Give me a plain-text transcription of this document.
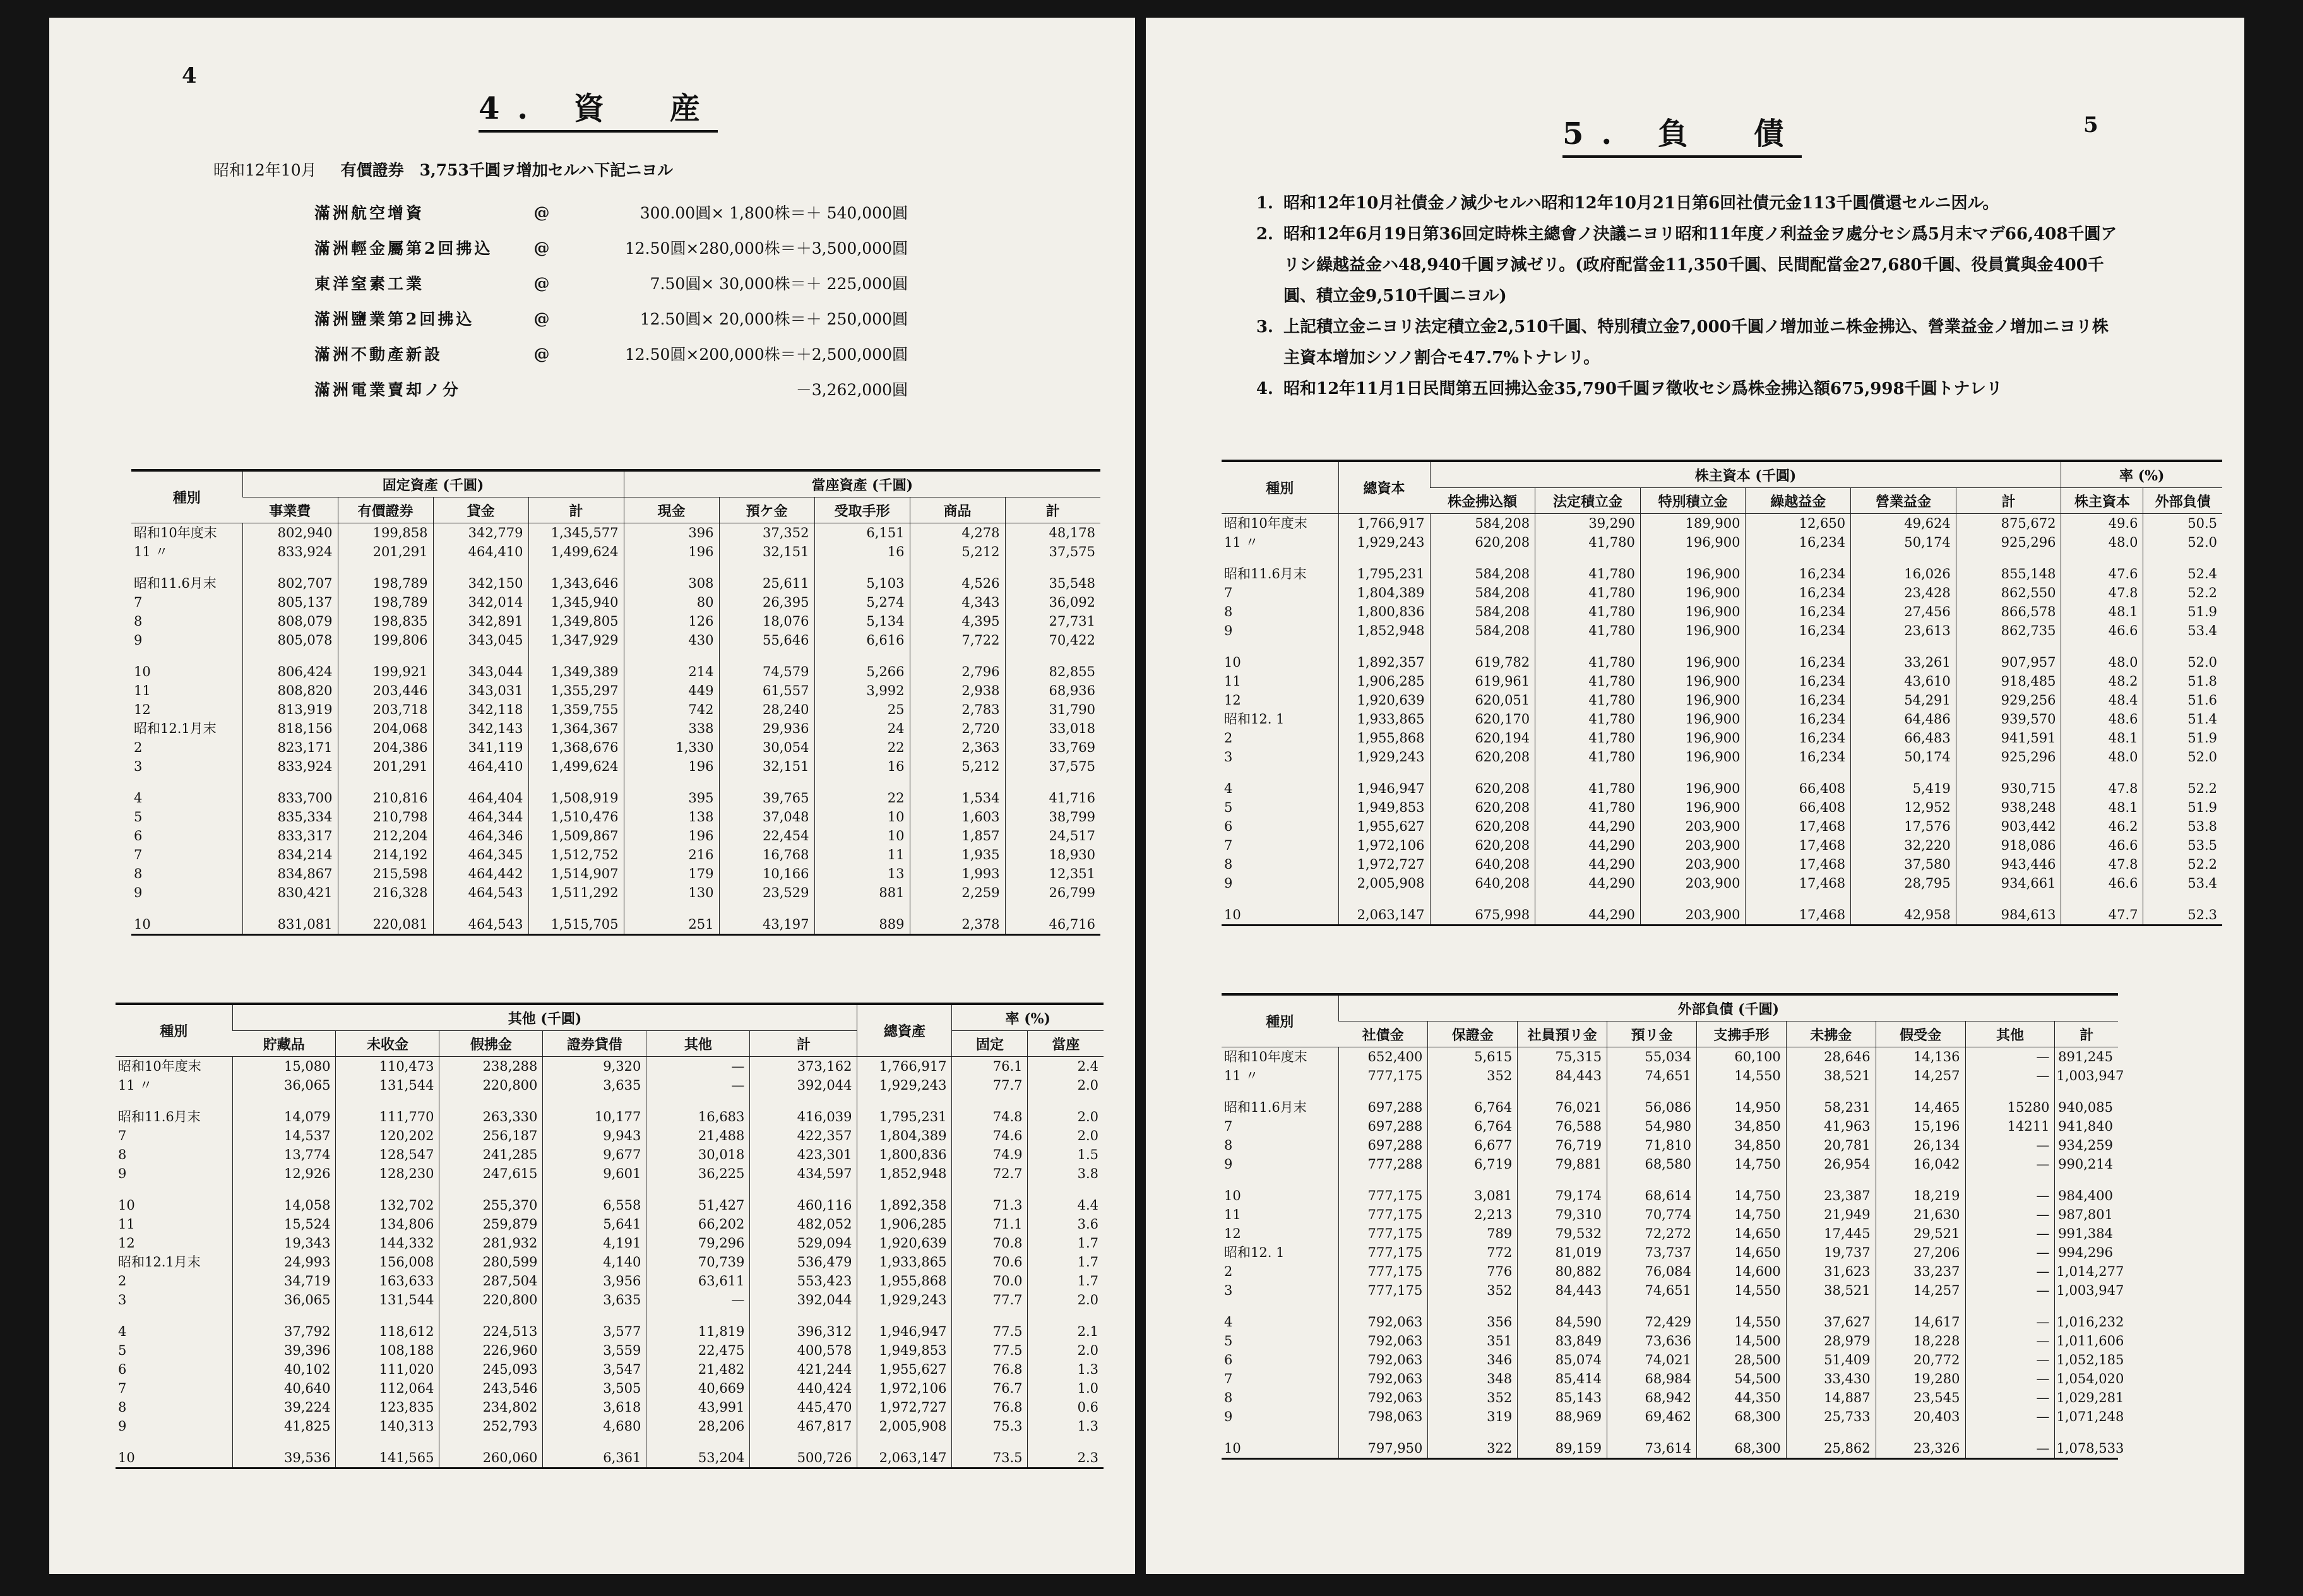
4
4. 資　産
昭和12年10月 有價證券　3,753千圓ヲ增加セルハ下記ニヨル
滿洲航空增資	@	300.00圓× 1,800株＝＋ 540,000圓
滿洲輕金屬第2回拂込	@	12.50圓×280,000株＝＋3,500,000圓
東洋窒素工業	@	7.50圓× 30,000株＝＋ 225,000圓
滿洲鹽業第2回拂込	@	12.50圓× 20,000株＝＋ 250,000圓
滿洲不動產新設	@	12.50圓×200,000株＝＋2,500,000圓
滿洲電業賣却ノ分	－3,262,000圓
種別	固定資產 (千圓)				當座資產 (千圓)				
	事業費	有價證券	貸金	計	現金	預ケ金	受取手形	商品	計
昭和10年度末	802,940	199,858	342,779	1,345,577	396	37,352	6,151	4,278	48,178
11 〃	833,924	201,291	464,410	1,499,624	196	32,151	16	5,212	37,575

昭和11.6月末	802,707	198,789	342,150	1,343,646	308	25,611	5,103	4,526	35,548
7	805,137	198,789	342,014	1,345,940	80	26,395	5,274	4,343	36,092
8	808,079	198,835	342,891	1,349,805	126	18,076	5,134	4,395	27,731
9	805,078	199,806	343,045	1,347,929	430	55,646	6,616	7,722	70,422

10	806,424	199,921	343,044	1,349,389	214	74,579	5,266	2,796	82,855
11	808,820	203,446	343,031	1,355,297	449	61,557	3,992	2,938	68,936
12	813,919	203,718	342,118	1,359,755	742	28,240	25	2,783	31,790
昭和12.1月末	818,156	204,068	342,143	1,364,367	338	29,936	24	2,720	33,018
2	823,171	204,386	341,119	1,368,676	1,330	30,054	22	2,363	33,769
3	833,924	201,291	464,410	1,499,624	196	32,151	16	5,212	37,575

4	833,700	210,816	464,404	1,508,919	395	39,765	22	1,534	41,716
5	835,334	210,798	464,344	1,510,476	138	37,048	10	1,603	38,799
6	833,317	212,204	464,346	1,509,867	196	22,454	10	1,857	24,517
7	834,214	214,192	464,345	1,512,752	216	16,768	11	1,935	18,930
8	834,867	215,598	464,442	1,514,907	179	10,166	13	1,993	12,351
9	830,421	216,328	464,543	1,511,292	130	23,529	881	2,259	26,799

10	831,081	220,081	464,543	1,515,705	251	43,197	889	2,378	46,716
種別	其他 (千圓)						總資產	率 (%)	
	貯藏品	未收金	假拂金	證券貸借	其他	計		固定	當座
昭和10年度末	15,080	110,473	238,288	9,320	—	373,162	1,766,917	76.1	2.4
11 〃	36,065	131,544	220,800	3,635	—	392,044	1,929,243	77.7	2.0

昭和11.6月末	14,079	111,770	263,330	10,177	16,683	416,039	1,795,231	74.8	2.0
7	14,537	120,202	256,187	9,943	21,488	422,357	1,804,389	74.6	2.0
8	13,774	128,547	241,285	9,677	30,018	423,301	1,800,836	74.9	1.5
9	12,926	128,230	247,615	9,601	36,225	434,597	1,852,948	72.7	3.8

10	14,058	132,702	255,370	6,558	51,427	460,116	1,892,358	71.3	4.4
11	15,524	134,806	259,879	5,641	66,202	482,052	1,906,285	71.1	3.6
12	19,343	144,332	281,932	4,191	79,296	529,094	1,920,639	70.8	1.7
昭和12.1月末	24,993	156,008	280,599	4,140	70,739	536,479	1,933,865	70.6	1.7
2	34,719	163,633	287,504	3,956	63,611	553,423	1,955,868	70.0	1.7
3	36,065	131,544	220,800	3,635	—	392,044	1,929,243	77.7	2.0

4	37,792	118,612	224,513	3,577	11,819	396,312	1,946,947	77.5	2.1
5	39,396	108,188	226,960	3,559	22,475	400,578	1,949,853	77.5	2.0
6	40,102	111,020	245,093	3,547	21,482	421,244	1,955,627	76.8	1.3
7	40,640	112,064	243,546	3,505	40,669	440,424	1,972,106	76.7	1.0
8	39,224	123,835	234,802	3,618	43,991	445,470	1,972,727	76.8	0.6
9	41,825	140,313	252,793	4,680	28,206	467,817	2,005,908	75.3	1.3

10	39,536	141,565	260,060	6,361	53,204	500,726	2,063,147	73.5	2.3
5. 負　債	5
1. 昭和12年10月社債金ノ減少セルハ昭和12年10月21日第6回社債元金113千圓償還セルニ因ル。
2. 昭和12年6月19日第36回定時株主總會ノ決議ニヨリ昭和11年度ノ利益金ヲ處分セシ爲5月末マデ66,408千圓アリシ繰越益金ハ48,940千圓ヲ減ゼリ。(政府配當金11,350千圓、民間配當金27,680千圓、役員賞與金400千圓、積立金9,510千圓ニヨル)
3. 上記積立金ニヨリ法定積立金2,510千圓、特別積立金7,000千圓ノ增加並ニ株金拂込、營業益金ノ增加ニヨリ株主資本增加シソノ割合モ47.7%トナレリ。
4. 昭和12年11月1日民間第五回拂込金35,790千圓ヲ徵收セシ爲株金拂込額675,998千圓トナレリ
種別	總資本	株主資本 (千圓)						率 (%)	
		株金拂込額	法定積立金	特別積立金	繰越益金	營業益金	計	株主資本	外部負債
昭和10年度末	1,766,917	584,208	39,290	189,900	12,650	49,624	875,672	49.6	50.5
11 〃	1,929,243	620,208	41,780	196,900	16,234	50,174	925,296	48.0	52.0

昭和11.6月末	1,795,231	584,208	41,780	196,900	16,234	16,026	855,148	47.6	52.4
7	1,804,389	584,208	41,780	196,900	16,234	23,428	862,550	47.8	52.2
8	1,800,836	584,208	41,780	196,900	16,234	27,456	866,578	48.1	51.9
9	1,852,948	584,208	41,780	196,900	16,234	23,613	862,735	46.6	53.4

10	1,892,357	619,782	41,780	196,900	16,234	33,261	907,957	48.0	52.0
11	1,906,285	619,961	41,780	196,900	16,234	43,610	918,485	48.2	51.8
12	1,920,639	620,051	41,780	196,900	16,234	54,291	929,256	48.4	51.6
昭和12. 1	1,933,865	620,170	41,780	196,900	16,234	64,486	939,570	48.6	51.4
2	1,955,868	620,194	41,780	196,900	16,234	66,483	941,591	48.1	51.9
3	1,929,243	620,208	41,780	196,900	16,234	50,174	925,296	48.0	52.0

4	1,946,947	620,208	41,780	196,900	66,408	5,419	930,715	47.8	52.2
5	1,949,853	620,208	41,780	196,900	66,408	12,952	938,248	48.1	51.9
6	1,955,627	620,208	44,290	203,900	17,468	17,576	903,442	46.2	53.8
7	1,972,106	620,208	44,290	203,900	17,468	32,220	918,086	46.6	53.5
8	1,972,727	640,208	44,290	203,900	17,468	37,580	943,446	47.8	52.2
9	2,005,908	640,208	44,290	203,900	17,468	28,795	934,661	46.6	53.4

10	2,063,147	675,998	44,290	203,900	17,468	42,958	984,613	47.7	52.3
種別	外部負債 (千圓)								
	社債金	保證金	社員預リ金	預リ金	支拂手形	未拂金	假受金	其他	計
昭和10年度末	652,400	5,615	75,315	55,034	60,100	28,646	14,136	—	891,245
11 〃	777,175	352	84,443	74,651	14,550	38,521	14,257	—	1,003,947

昭和11.6月末	697,288	6,764	76,021	56,086	14,950	58,231	14,465	15280	940,085
7	697,288	6,764	76,588	54,980	34,850	41,963	15,196	14211	941,840
8	697,288	6,677	76,719	71,810	34,850	20,781	26,134	—	934,259
9	777,288	6,719	79,881	68,580	14,750	26,954	16,042	—	990,214

10	777,175	3,081	79,174	68,614	14,750	23,387	18,219	—	984,400
11	777,175	2,213	79,310	70,774	14,750	21,949	21,630	—	987,801
12	777,175	789	79,532	72,272	14,650	17,445	29,521	—	991,384
昭和12. 1	777,175	772	81,019	73,737	14,650	19,737	27,206	—	994,296
2	777,175	776	80,882	76,084	14,600	31,623	33,237	—	1,014,277
3	777,175	352	84,443	74,651	14,550	38,521	14,257	—	1,003,947

4	792,063	356	84,590	72,429	14,550	37,627	14,617	—	1,016,232
5	792,063	351	83,849	73,636	14,500	28,979	18,228	—	1,011,606
6	792,063	346	85,074	74,021	28,500	51,409	20,772	—	1,052,185
7	792,063	348	85,414	68,984	54,500	33,430	19,280	—	1,054,020
8	792,063	352	85,143	68,942	44,350	14,887	23,545	—	1,029,281
9	798,063	319	88,969	69,462	68,300	25,733	20,403	—	1,071,248

10	797,950	322	89,159	73,614	68,300	25,862	23,326	—	1,078,533
